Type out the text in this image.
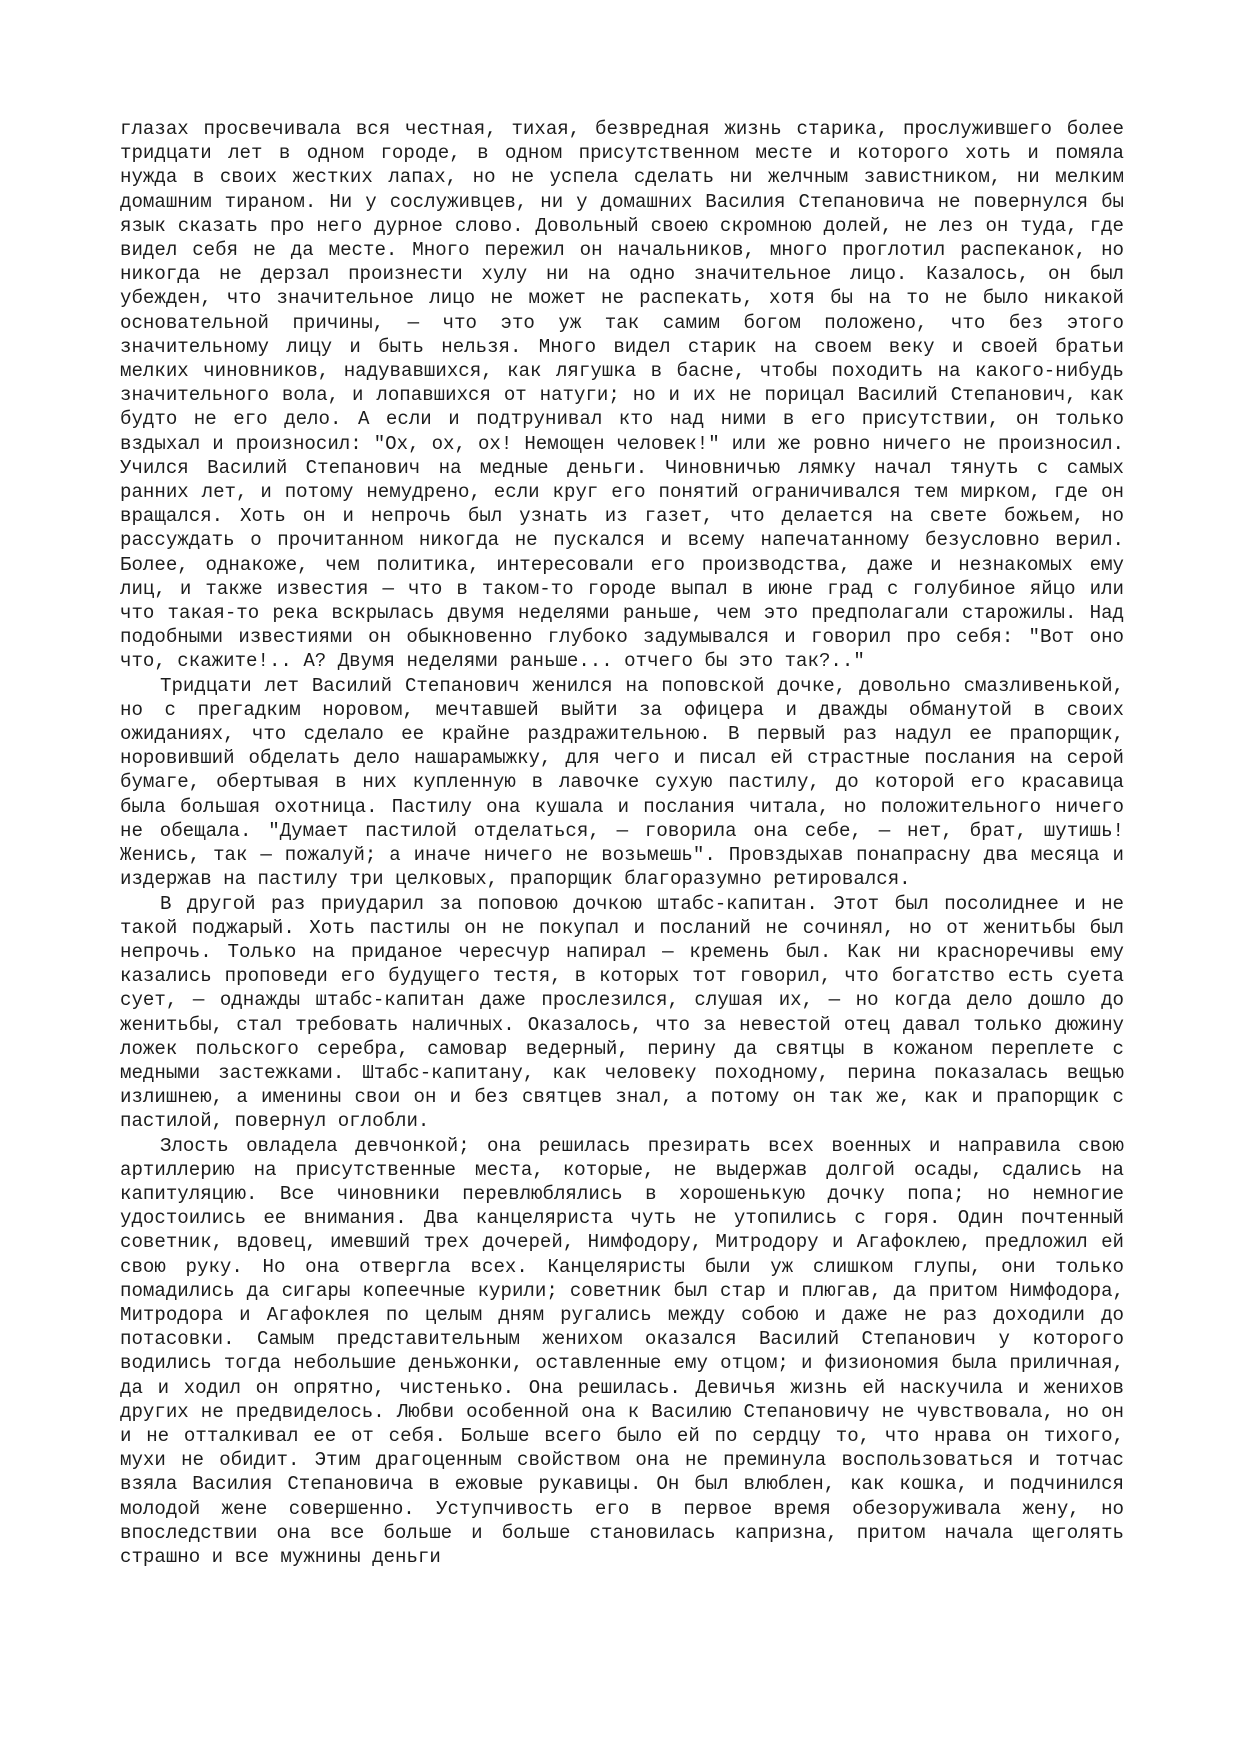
глазах просвечивала вся честная, тихая, безвредная жизнь старика, прослужившего более тридцати лет в одном городе, в одном присутственном месте и которого хоть и помяла нужда в своих жестких лапах, но не успела сделать ни желчным завистником, ни мелким домашним тираном. Ни у сослуживцев, ни у домашних Василия Степановича не повернулся бы язык сказать про него дурное слово. Довольный своею скромною долей, не лез он туда, где видел себя не да месте. Много пережил он начальников, много проглотил распеканок, но никогда не дерзал произнести хулу ни на одно значительное лицо. Казалось, он был убежден, что значительное лицо не может не распекать, хотя бы на то не было никакой основательной причины, — что это уж так самим богом положено, что без этого значительному лицу и быть нельзя. Много видел старик на своем веку и своей братьи мелких чиновников, надувавшихся, как лягушка в басне, чтобы походить на какого-нибудь значительного вола, и лопавшихся от натуги; но и их не порицал Василий Степанович, как будто не его дело. А если и подтрунивал кто над ними в его присутствии, он только вздыхал и произносил: "Ох, ох, ох! Немощен человек!" или же ровно ничего не произносил. Учился Василий Степанович на медные деньги. Чиновничью лямку начал тянуть с самых ранних лет, и потому немудрено, если круг его понятий ограничивался тем мирком, где он вращался. Хоть он и непрочь был узнать из газет, что делается на свете божьем, но рассуждать о прочитанном никогда не пускался и всему напечатанному безусловно верил. Более, однакоже, чем политика, интересовали его производства, даже и незнакомых ему лиц, и также известия — что в таком-то городе выпал в июне град с голубиное яйцо или что такая-то река вскрылась двумя неделями раньше, чем это предполагали старожилы. Над подобными известиями он обыкновенно глубоко задумывался и говорил про себя: "Вот оно что, скажите!.. А? Двумя неделями раньше... отчего бы это так?.."

Тридцати лет Василий Степанович женился на поповской дочке, довольно смазливенькой, но с прегадким норовом, мечтавшей выйти за офицера и дважды обманутой в своих ожиданиях, что сделало ее крайне раздражительною. В первый раз надул ее прапорщик, норовивший обделать дело нашарамыжку, для чего и писал ей страстные послания на серой бумаге, обертывая в них купленную в лавочке сухую пастилу, до которой его красавица была большая охотница. Пастилу она кушала и послания читала, но положительного ничего не обещала. "Думает пастилой отделаться, — говорила она себе, — нет, брат, шутишь! Женись, так — пожалуй; а иначе ничего не возьмешь". Провздыхав понапрасну два месяца и издержав на пастилу три целковых, прапорщик благоразумно ретировался.

В другой раз приударил за поповою дочкою штабс-капитан. Этот был посолиднее и не такой поджарый. Хоть пастилы он не покупал и посланий не сочинял, но от женитьбы был непрочь. Только на приданое чересчур напирал — кремень был. Как ни красноречивы ему казались проповеди его будущего тестя, в которых тот говорил, что богатство есть суета сует, — однажды штабс-капитан даже прослезился, слушая их, — но когда дело дошло до женитьбы, стал требовать наличных. Оказалось, что за невестой отец давал только дюжину ложек польского серебра, самовар ведерный, перину да святцы в кожаном переплете с медными застежками. Штабс-капитану, как человеку походному, перина показалась вещью излишнею, а именины свои он и без святцев знал, а потому он так же, как и прапорщик с пастилой, повернул оглобли.

Злость овладела девчонкой; она решилась презирать всех военных и направила свою артиллерию на присутственные места, которые, не выдержав долгой осады, сдались на капитуляцию. Все чиновники перевлюблялись в хорошенькую дочку попа; но немногие удостоились ее внимания. Два канцеляриста чуть не утопились с горя. Один почтенный советник, вдовец, имевший трех дочерей, Нимфодору, Митродору и Агафоклею, предложил ей свою руку. Но она отвергла всех. Канцеляристы были уж слишком глупы, они только помадились да сигары копеечные курили; советник был стар и плюгав, да притом Нимфодора, Митродора и Агафоклея по целым дням ругались между собою и даже не раз доходили до потасовки. Самым представительным женихом оказался Василий Степанович у которого водились тогда небольшие деньжонки, оставленные ему отцом; и физиономия была приличная, да и ходил он опрятно, чистенько. Она решилась. Девичья жизнь ей наскучила и женихов других не предвиделось. Любви особенной она к Василию Степановичу не чувствовала, но он и не отталкивал ее от себя. Больше всего было ей по сердцу то, что нрава он тихого, мухи не обидит. Этим драгоценным свойством она не преминула воспользоваться и тотчас взяла Василия Степановича в ежовые рукавицы. Он был влюблен, как кошка, и подчинился молодой жене совершенно. Уступчивость его в первое время обезоруживала жену, но впоследствии она все больше и больше становилась капризна, притом начала щеголять страшно и все мужнины деньги
